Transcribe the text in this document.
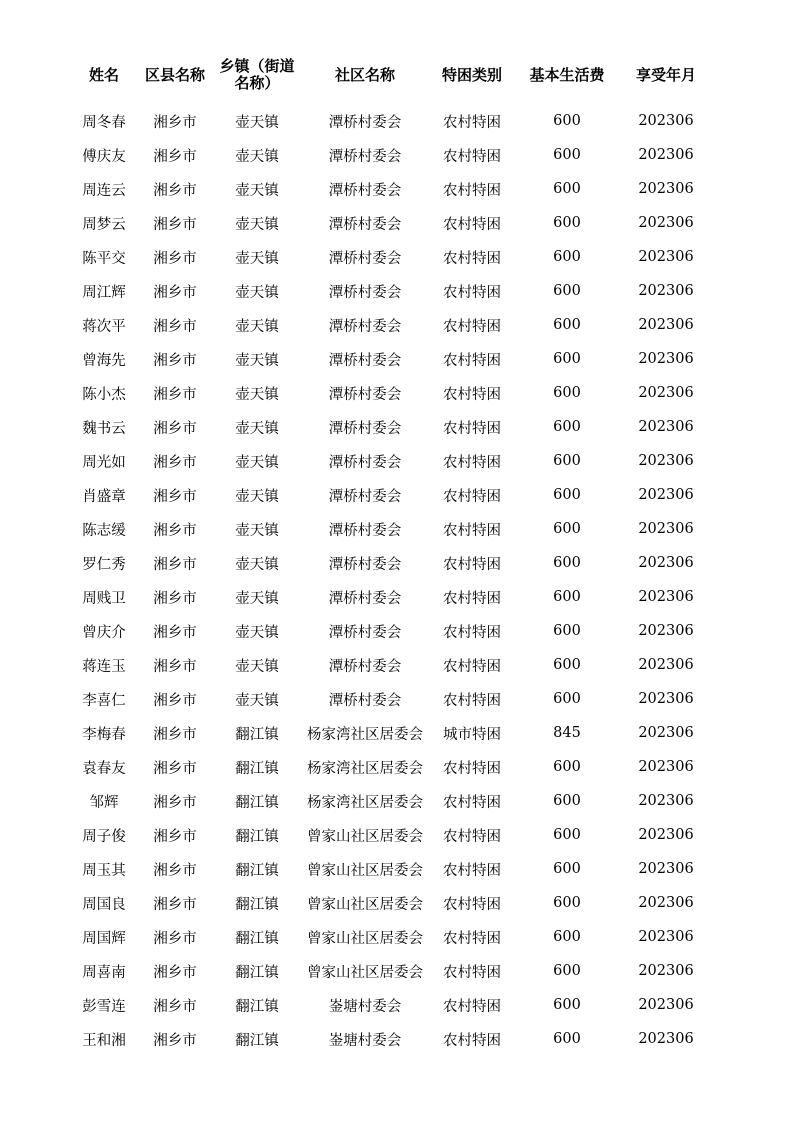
姓名	区县名称	乡镇（街道名称）	社区名称	特困类别	基本生活费	享受年月
周冬春	湘乡市	壶天镇	潭桥村委会	农村特困	600	202306
傅庆友	湘乡市	壶天镇	潭桥村委会	农村特困	600	202306
周连云	湘乡市	壶天镇	潭桥村委会	农村特困	600	202306
周梦云	湘乡市	壶天镇	潭桥村委会	农村特困	600	202306
陈平交	湘乡市	壶天镇	潭桥村委会	农村特困	600	202306
周江辉	湘乡市	壶天镇	潭桥村委会	农村特困	600	202306
蒋次平	湘乡市	壶天镇	潭桥村委会	农村特困	600	202306
曾海先	湘乡市	壶天镇	潭桥村委会	农村特困	600	202306
陈小杰	湘乡市	壶天镇	潭桥村委会	农村特困	600	202306
魏书云	湘乡市	壶天镇	潭桥村委会	农村特困	600	202306
周光如	湘乡市	壶天镇	潭桥村委会	农村特困	600	202306
肖盛章	湘乡市	壶天镇	潭桥村委会	农村特困	600	202306
陈志缓	湘乡市	壶天镇	潭桥村委会	农村特困	600	202306
罗仁秀	湘乡市	壶天镇	潭桥村委会	农村特困	600	202306
周贱卫	湘乡市	壶天镇	潭桥村委会	农村特困	600	202306
曾庆介	湘乡市	壶天镇	潭桥村委会	农村特困	600	202306
蒋连玉	湘乡市	壶天镇	潭桥村委会	农村特困	600	202306
李喜仁	湘乡市	壶天镇	潭桥村委会	农村特困	600	202306
李梅春	湘乡市	翻江镇	杨家湾社区居委会	城市特困	845	202306
袁春友	湘乡市	翻江镇	杨家湾社区居委会	农村特困	600	202306
邹辉	湘乡市	翻江镇	杨家湾社区居委会	农村特困	600	202306
周子俊	湘乡市	翻江镇	曾家山社区居委会	农村特困	600	202306
周玉其	湘乡市	翻江镇	曾家山社区居委会	农村特困	600	202306
周国良	湘乡市	翻江镇	曾家山社区居委会	农村特困	600	202306
周国辉	湘乡市	翻江镇	曾家山社区居委会	农村特困	600	202306
周喜南	湘乡市	翻江镇	曾家山社区居委会	农村特困	600	202306
彭雪连	湘乡市	翻江镇	崟塘村委会	农村特困	600	202306
王和湘	湘乡市	翻江镇	崟塘村委会	农村特困	600	202306
